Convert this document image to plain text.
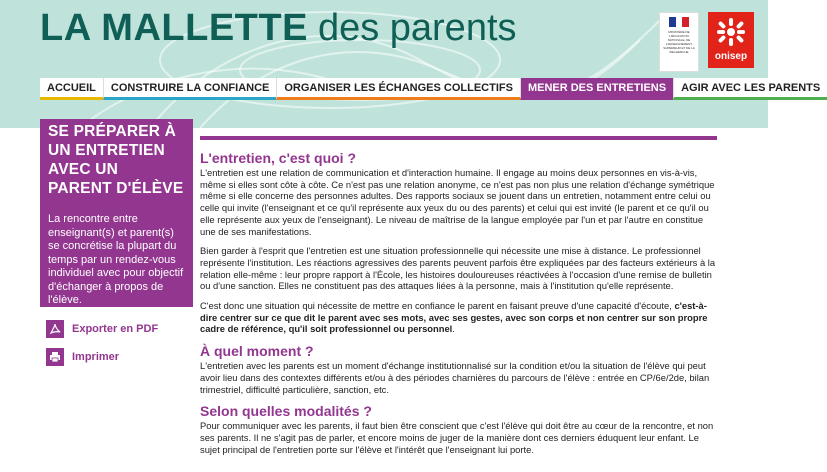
LA MALLETTE des parents	MINISTÈRE DE L'ÉDUCATION NATIONALE, DE L'ENSEIGNEMENT SUPÉRIEUR ET DE LA RECHERCHE	onisep
ACCUEIL	CONSTRUIRE LA CONFIANCE	ORGANISER LES ÉCHANGES COLLECTIFS	MENER DES ENTRETIENS	AGIR AVEC LES PARENTS
SE PRÉPARER À UN ENTRETIEN AVEC UN PARENT D'ÉLÈVE
La rencontre entre enseignant(s) et parent(s) se concrétise la plupart du temps par un rendez-vous individuel avec pour objectif d'échanger à propos de l'élève.
Exporter en PDF
Imprimer
L'entretien, c'est quoi ?

L'entretien est une relation de communication et d'interaction humaine. Il engage au moins deux personnes en vis-à-vis, même si elles sont côte à côte. Ce n'est pas une relation anonyme, ce n'est pas non plus une relation d'échange symétrique même si elle concerne des personnes adultes. Des rapports sociaux se jouent dans un entretien, notamment entre celui ou celle qui invite (l'enseignant et ce qu'il représente aux yeux du ou des parents) et celui qui est invité (le parent et ce qu'il ou elle représente aux yeux de l'enseignant). Le niveau de maîtrise de la langue employée par l'un et par l'autre en constitue une de ses manifestations.

Bien garder à l'esprit que l'entretien est une situation professionnelle qui nécessite une mise à distance. Le professionnel représente l'institution. Les réactions agressives des parents peuvent parfois être expliquées par des facteurs extérieurs à la relation elle-même : leur propre rapport à l'École, les histoires douloureuses réactivées à l'occasion d'une remise de bulletin ou d'une sanction. Elles ne constituent pas des attaques liées à la personne, mais à l'institution qu'elle représente.

C'est donc une situation qui nécessite de mettre en confiance le parent en faisant preuve d'une capacité d'écoute, c'est-à-dire centrer sur ce que dit le parent avec ses mots, avec ses gestes, avec son corps et non centrer sur son propre cadre de référence, qu'il soit professionnel ou personnel.

À quel moment ?

L'entretien avec les parents est un moment d'échange institutionnalisé sur la condition et/ou la situation de l'élève qui peut avoir lieu dans des contextes différents et/ou à des périodes charnières du parcours de l'élève : entrée en CP/6e/2de, bilan trimestriel, difficulté particulière, sanction, etc.

Selon quelles modalités ?

Pour communiquer avec les parents, il faut bien être conscient que c'est l'élève qui doit être au cœur de la rencontre, et non ses parents. Il ne s'agit pas de parler, et encore moins de juger de la manière dont ces derniers éduquent leur enfant. Le sujet principal de l'entretien porte sur l'élève et l'intérêt que l'enseignant lui porte.
